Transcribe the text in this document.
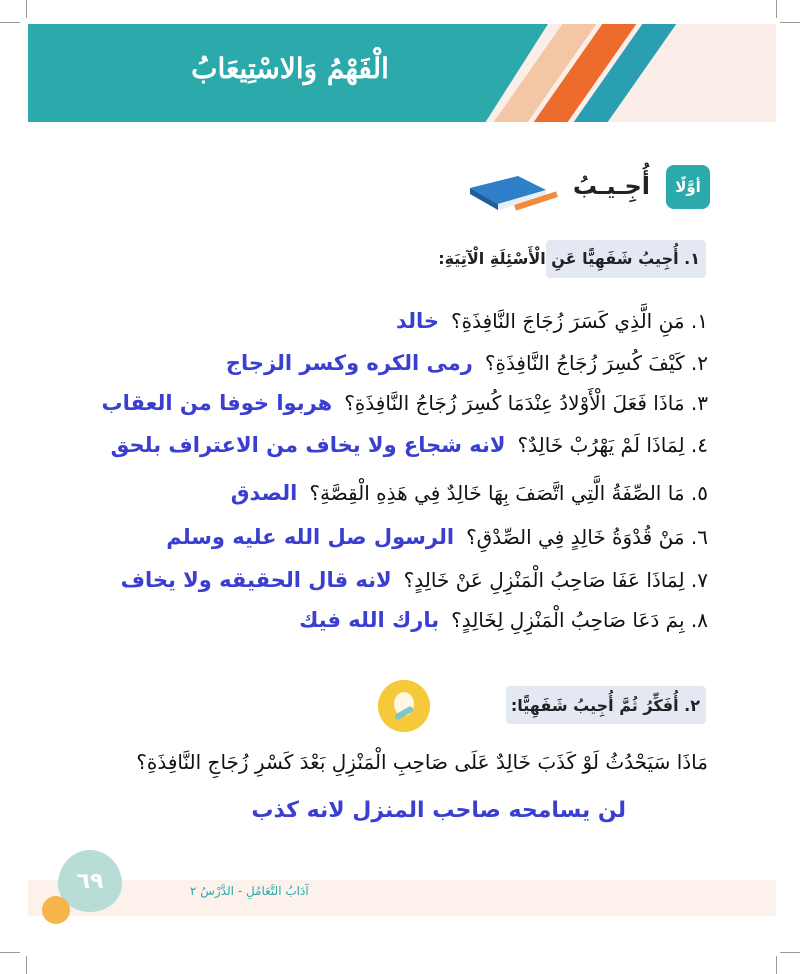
الْفَهْمُ وَالاسْتِيعَابُ
أوَّلًا
أُجِـيـبُ
١. أُجِيبُ شَفَهِيًّا عَنِ الْأَسْئِلَةِ الْآتِيَةِ:
١. مَنِ الَّذِي كَسَرَ زُجَاجَ النَّافِذَةِ؟
خالد
٢. كَيْفَ كُسِرَ زُجَاجُ النَّافِذَةِ؟
رمى الكره وكسر الزجاج
٣. مَاذَا فَعَلَ الْأَوْلادُ عِنْدَمَا كُسِرَ زُجَاجُ النَّافِذَةِ؟
هربوا خوفا من العقاب
٤. لِمَاذَا لَمْ يَهْرُبْ خَالِدٌ؟
لانه شجاع ولا يخاف من الاعتراف بلحق
٥. مَا الصِّفَةُ الَّتِي اتَّصَفَ بِهَا خَالِدٌ فِي هَذِهِ الْقِصَّةِ؟
الصدق
٦. مَنْ قُدْوَةُ خَالِدٍ فِي الصِّدْقِ؟
الرسول صل الله عليه وسلم
٧. لِمَاذَا عَفَا صَاحِبُ الْمَنْزِلِ عَنْ خَالِدٍ؟
لانه قال الحقيقه ولا يخاف
٨. بِمَ دَعَا صَاحِبُ الْمَنْزِلِ لِخَالِدٍ؟
بارك الله فيك
٢. أُفَكِّرُ ثُمَّ أُجِيبُ شَفَهِيًّا:
مَاذَا سَيَحْدُثُ لَوْ كَذَبَ خَالِدٌ عَلَى صَاحِبِ الْمَنْزِلِ بَعْدَ كَسْرِ زُجَاجِ النَّافِذَةِ؟
لن يسامحه صاحب المنزل لانه كذب
٦٩	آدَابُ التَّعَامُلِ - الدَّرْسُ ٢
